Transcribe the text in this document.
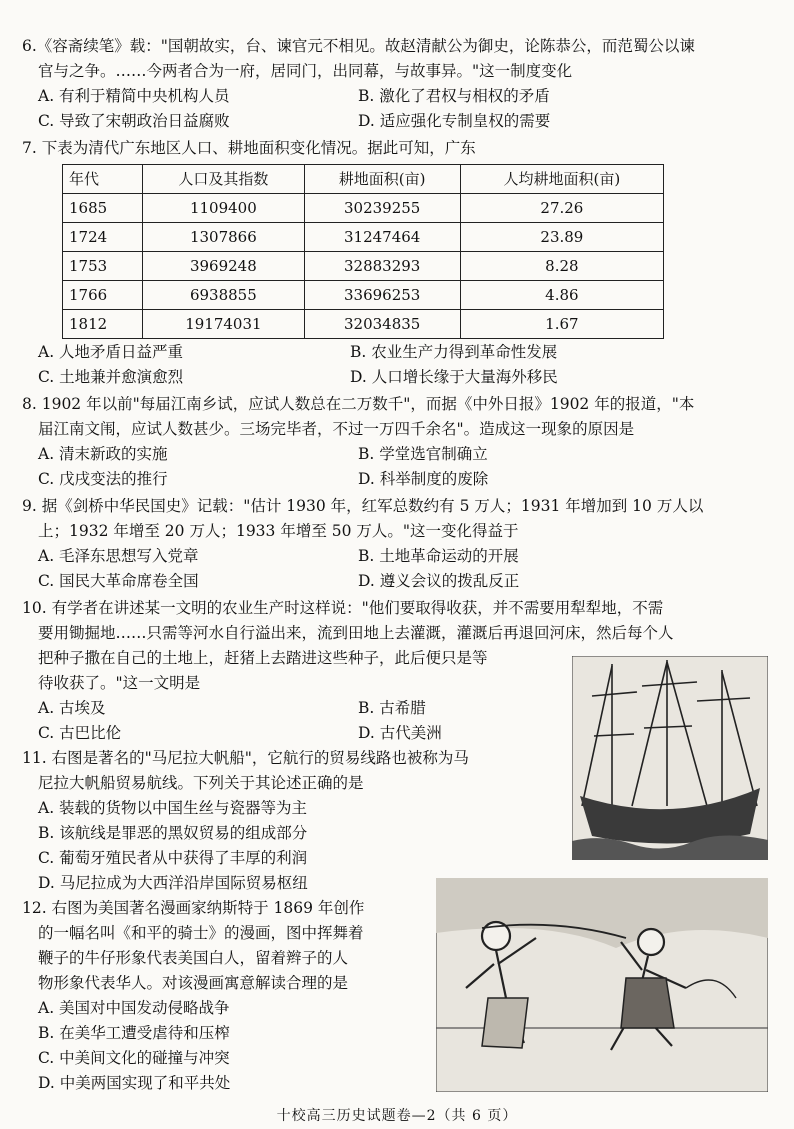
6.《容斋续笔》载："国朝故实，台、谏官元不相见。故赵清献公为御史，论陈恭公，而范蜀公以谏
官与之争。……今两者合为一府，居同门，出同幕，与故事异。"这一制度变化
A. 有利于精简中央机构人员	B. 激化了君权与相权的矛盾
C. 导致了宋朝政治日益腐败	D. 适应强化专制皇权的需要
7. 下表为清代广东地区人口、耕地面积变化情况。据此可知，广东
年代	人口及其指数	耕地面积(亩)	人均耕地面积(亩)
1685	1109400	30239255	27.26
1724	1307866	31247464	23.89
1753	3969248	32883293	8.28
1766	6938855	33696253	4.86
1812	19174031	32034835	1.67
A. 人地矛盾日益严重	B. 农业生产力得到革命性发展
C. 土地兼并愈演愈烈	D. 人口增长缘于大量海外移民
8. 1902 年以前"每届江南乡试，应试人数总在二万数千"，而据《中外日报》1902 年的报道，"本
届江南文闱，应试人数甚少。三场完毕者，不过一万四千余名"。造成这一现象的原因是
A. 清末新政的实施	B. 学堂选官制确立
C. 戊戌变法的推行	D. 科举制度的废除
9. 据《剑桥中华民国史》记载："估计 1930 年，红军总数约有 5 万人；1931 年增加到 10 万人以
上；1932 年增至 20 万人；1933 年增至 50 万人。"这一变化得益于
A. 毛泽东思想写入党章	B. 土地革命运动的开展
C. 国民大革命席卷全国	D. 遵义会议的拨乱反正
10. 有学者在讲述某一文明的农业生产时这样说："他们要取得收获，并不需要用犁犁地，不需
要用锄掘地……只需等河水自行溢出来，流到田地上去灌溉，灌溉后再退回河床，然后每个人
把种子撒在自己的土地上，赶猪上去踏进这些种子，此后便只是等
待收获了。"这一文明是
A. 古埃及	B. 古希腊
C. 古巴比伦	D. 古代美洲
11. 右图是著名的"马尼拉大帆船"，它航行的贸易线路也被称为马
尼拉大帆船贸易航线。下列关于其论述正确的是
A. 装载的货物以中国生丝与瓷器等为主
B. 该航线是罪恶的黑奴贸易的组成部分
C. 葡萄牙殖民者从中获得了丰厚的利润
D. 马尼拉成为大西洋沿岸国际贸易枢纽
12. 右图为美国著名漫画家纳斯特于 1869 年创作
的一幅名叫《和平的骑士》的漫画，图中挥舞着
鞭子的牛仔形象代表美国白人，留着辫子的人
物形象代表华人。对该漫画寓意解读合理的是
A. 美国对中国发动侵略战争
B. 在美华工遭受虐待和压榨
C. 中美间文化的碰撞与冲突
D. 中美两国实现了和平共处
十校高三历史试题卷—2（共 6 页）
